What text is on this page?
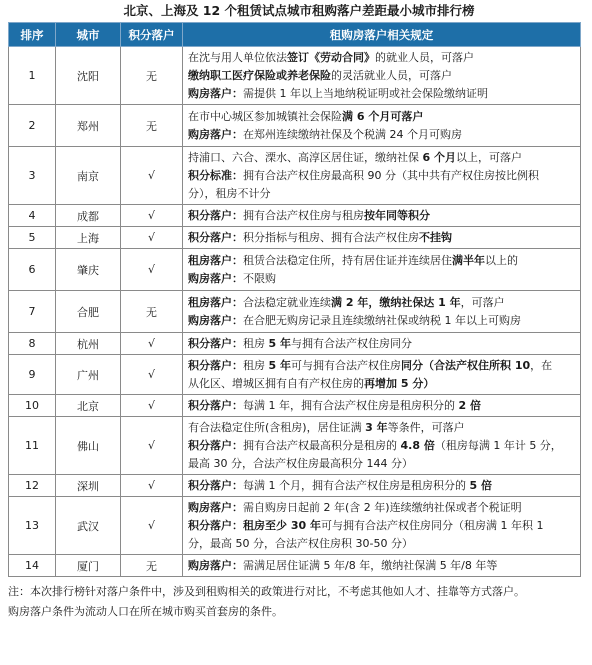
北京、上海及 12 个租赁试点城市租购落户差距最小城市排行榜
排序	城市	积分落户	租购房落户相关规定
1	沈阳	无	在沈与用人单位依法签订《劳动合同》的就业人员，可落户

缴纳职工医疗保险或养老保险的灵活就业人员，可落户

购房落户：需提供 1 年以上当地纳税证明或社会保险缴纳证明

2	郑州	无	在市中心城区参加城镇社会保险满 6 个月可落户

购房落户：在郑州连续缴纳社保及个税满 24 个月可购房

3	南京	√	持浦口、六合、溧水、高淳区居住证，缴纳社保 6 个月以上，可落户

积分标准：拥有合法产权住房最高积 90 分（其中共有产权住房按比例积

分），租房不计分

4	成都	√	积分落户：拥有合法产权住房与租房按年同等积分

5	上海	√	积分落户：积分指标与租房、拥有合法产权住房不挂钩

6	肇庆	√	租房落户：租赁合法稳定住所，持有居住证并连续居住满半年以上的

购房落户：不限购

7	合肥	无	租房落户：合法稳定就业连续满 2 年，缴纳社保达 1 年，可落户

购房落户：在合肥无购房记录且连续缴纳社保或纳税 1 年以上可购房

8	杭州	√	积分落户：租房 5 年与拥有合法产权住房同分

9	广州	√	积分落户：租房 5 年可与拥有合法产权住房同分（合法产权住所积 10，在

从化区、增城区拥有自有产权住房的再增加 5 分）

10	北京	√	积分落户：每满 1 年，拥有合法产权住房是租房积分的 2 倍

11	佛山	√	有合法稳定住所(含租房)，居住证满 3 年等条件，可落户

积分落户：拥有合法产权最高积分是租房的 4.8 倍（租房每满 1 年计 5 分，

最高 30 分，合法产权住房最高积分 144 分）

12	深圳	√	积分落户：每满 1 个月，拥有合法产权住房是租房积分的 5 倍

13	武汉	√	购房落户：需自购房日起前 2 年(含 2 年)连续缴纳社保或者个税证明

积分落户：租房至少 30 年可与拥有合法产权住房同分（租房满 1 年积 1

分，最高 50 分，合法产权住房积 30-50 分）

14	厦门	无	购房落户：需满足居住证满 5 年/8 年，缴纳社保满 5 年/8 年等

注：本次排行榜针对落户条件中，涉及到租购相关的政策进行对比，不考虑其他如人才、挂靠等方式落户。
购房落户条件为流动人口在所在城市购买首套房的条件。
